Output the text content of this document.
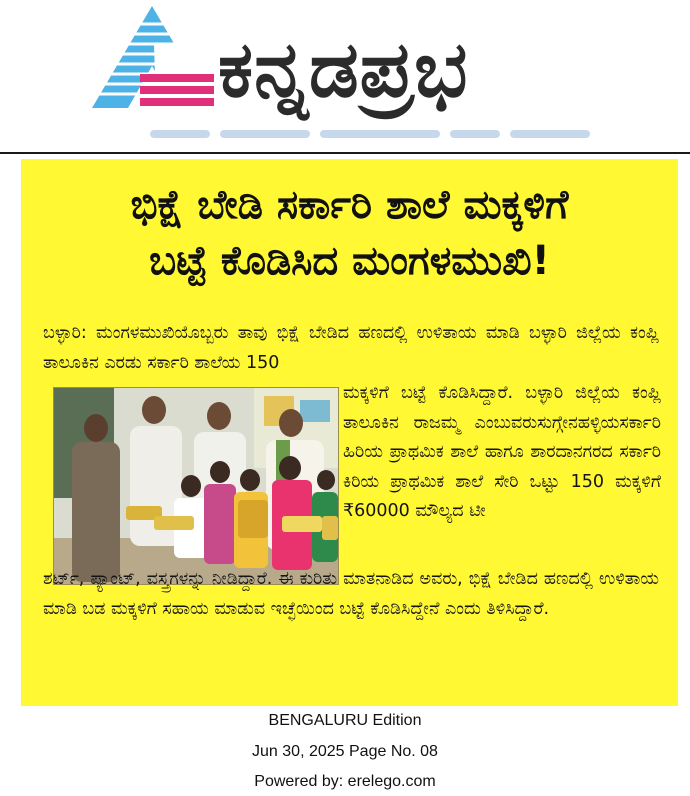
ಕನ್ನಡಪ್ರಭ
ಭಿಕ್ಷೆ ಬೇಡಿ ಸರ್ಕಾರಿ ಶಾಲೆ ಮಕ್ಕಳಿಗೆ
ಬಟ್ಟೆ ಕೊಡಿಸಿದ ಮಂಗಳಮುಖಿ!
ಬಳ್ಳಾರಿ: ಮಂಗಳಮುಖಿಯೊಬ್ಬರು ತಾವು ಭಿಕ್ಷೆ ಬೇಡಿದ ಹಣದಲ್ಲಿ ಉಳಿತಾಯ ಮಾಡಿ ಬಳ್ಳಾರಿ ಜಿಲ್ಲೆಯ ಕಂಪ್ಲಿ ತಾಲೂಕಿನ ಎರಡು ಸರ್ಕಾರಿ ಶಾಲೆಯ 150
ಮಕ್ಕಳಿಗೆ ಬಟ್ಟೆ ಕೊಡಿಸಿದ್ದಾರೆ. ಬಳ್ಳಾರಿ ಜಿಲ್ಲೆಯ ಕಂಪ್ಲಿ ತಾಲೂಕಿನ ರಾಜಮ್ಮ ಎಂಬುವರುಸುಗ್ಗೇನಹಳ್ಳಿಯಸರ್ಕಾರಿ ಹಿರಿಯ ಪ್ರಾಥಮಿಕ ಶಾಲೆ ಹಾಗೂ ಶಾರದಾನಗರದ ಸರ್ಕಾರಿ ಕಿರಿಯ ಪ್ರಾಥಮಿಕ ಶಾಲೆ ಸೇರಿ ಒಟ್ಟು 150 ಮಕ್ಕಳಿಗೆ ₹60000 ಮೌಲ್ಯದ ಟೀ
ಶರ್ಟ್, ಪ್ಯಾಂಟ್, ವಸ್ತ್ರಗಳನ್ನು ನೀಡಿದ್ದಾರೆ. ಈ ಕುರಿತು ಮಾತನಾಡಿದ ಅವರು, ಭಿಕ್ಷೆ ಬೇಡಿದ ಹಣದಲ್ಲಿ ಉಳಿತಾಯ ಮಾಡಿ ಬಡ ಮಕ್ಕಳಿಗೆ ಸಹಾಯ ಮಾಡುವ ಇಚ್ಛೆಯಿಂದ ಬಟ್ಟೆ ಕೊಡಿಸಿದ್ದೇನೆ ಎಂದು ತಿಳಿಸಿದ್ದಾರೆ.
BENGALURU Edition
Jun 30, 2025 Page No. 08
Powered by: erelego.com
